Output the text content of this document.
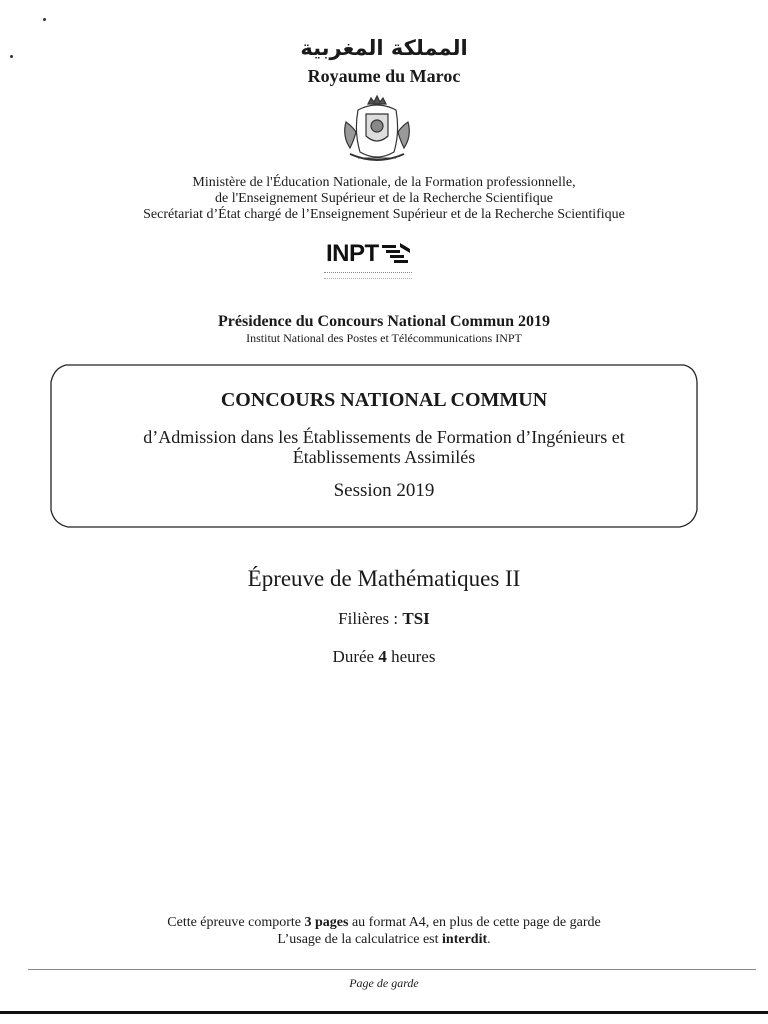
المملكة المغربية
Royaume du Maroc
Ministère de l'Éducation Nationale, de la Formation professionnelle,
de l'Enseignement Supérieur et de la Recherche Scientifique
Secrétariat d’État chargé de l’Enseignement Supérieur et de la Recherche Scientifique
INPT
Présidence du Concours National Commun 2019
Institut National des Postes et Télécommunications INPT
CONCOURS NATIONAL COMMUN
d’Admission dans les Établissements de Formation d’Ingénieurs et
Établissements Assimilés
Session 2019
Épreuve de Mathématiques II
Filières : TSI
Durée 4 heures
Cette épreuve comporte 3 pages au format A4, en plus de cette page de garde
L’usage de la calculatrice est interdit.
Page de garde
